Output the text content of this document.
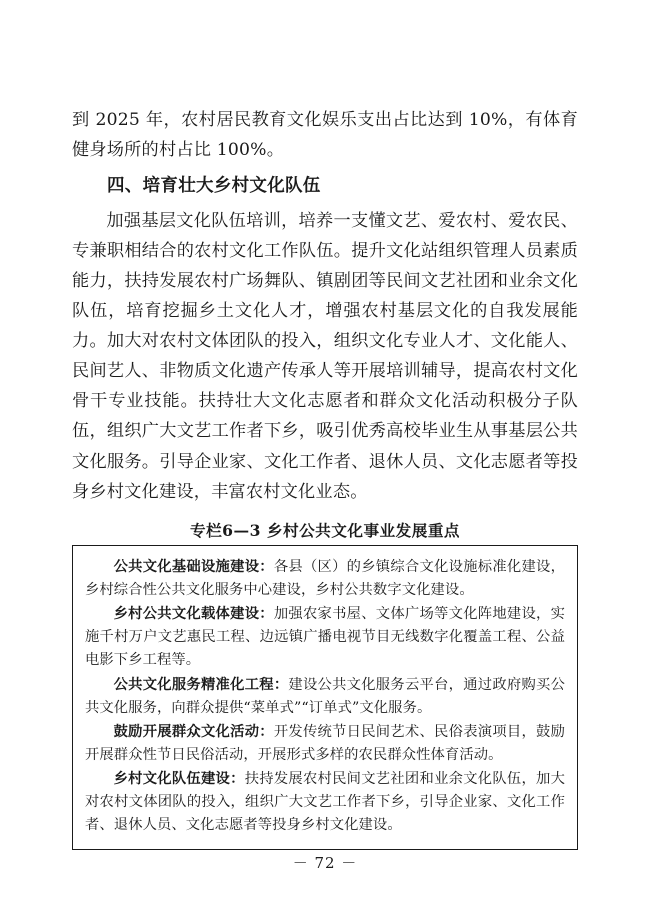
到 2025 年，农村居民教育文化娱乐支出占比达到 10%，有体育健身场所的村占比 100%。

四、培育壮大乡村文化队伍

加强基层文化队伍培训，培养一支懂文艺、爱农村、爱农民、专兼职相结合的农村文化工作队伍。提升文化站组织管理人员素质能力，扶持发展农村广场舞队、镇剧团等民间文艺社团和业余文化队伍，培育挖掘乡土文化人才，增强农村基层文化的自我发展能力。加大对农村文体团队的投入，组织文化专业人才、文化能人、民间艺人、非物质文化遗产传承人等开展培训辅导，提高农村文化骨干专业技能。扶持壮大文化志愿者和群众文化活动积极分子队伍，组织广大文艺工作者下乡，吸引优秀高校毕业生从事基层公共文化服务。引导企业家、文化工作者、退休人员、文化志愿者等投身乡村文化建设，丰富农村文化业态。

专栏6—3 乡村公共文化事业发展重点

公共文化基础设施建设：各县（区）的乡镇综合文化设施标准化建设，乡村综合性公共文化服务中心建设，乡村公共数字文化建设。

乡村公共文化载体建设：加强农家书屋、文体广场等文化阵地建设，实施千村万户文艺惠民工程、边远镇广播电视节目无线数字化覆盖工程、公益电影下乡工程等。

公共文化服务精准化工程：建设公共文化服务云平台，通过政府购买公共文化服务，向群众提供“菜单式”“订单式”文化服务。

鼓励开展群众文化活动：开发传统节日民间艺术、民俗表演项目，鼓励开展群众性节日民俗活动，开展形式多样的农民群众性体育活动。

乡村文化队伍建设：扶持发展农村民间文艺社团和业余文化队伍，加大对农村文体团队的投入，组织广大文艺工作者下乡，引导企业家、文化工作者、退休人员、文化志愿者等投身乡村文化建设。

－ 72 －
